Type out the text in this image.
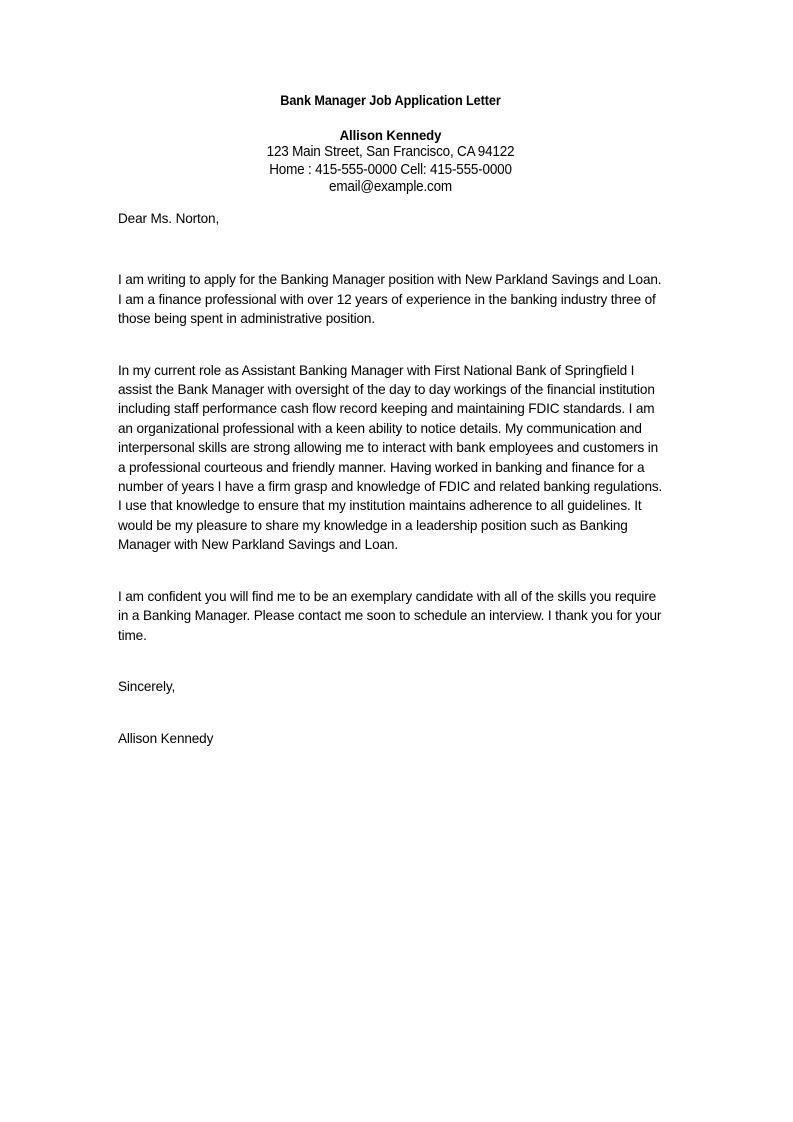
Bank Manager Job Application Letter
Allison Kennedy
123 Main Street, San Francisco, CA 94122
Home : 415-555-0000 Cell: 415-555-0000
email@example.com

Dear Ms. Norton,

I am writing to apply for the Banking Manager position with New Parkland Savings and Loan. I am a finance professional with over 12 years of experience in the banking industry three of those being spent in administrative position.

In my current role as Assistant Banking Manager with First National Bank of Springfield I assist the Bank Manager with oversight of the day to day workings of the financial institution including staff performance cash flow record keeping and maintaining FDIC standards. I am an organizational professional with a keen ability to notice details. My communication and interpersonal skills are strong allowing me to interact with bank employees and customers in a professional courteous and friendly manner. Having worked in banking and finance for a number of years I have a firm grasp and knowledge of FDIC and related banking regulations. I use that knowledge to ensure that my institution maintains adherence to all guidelines. It would be my pleasure to share my knowledge in a leadership position such as Banking Manager with New Parkland Savings and Loan.

I am confident you will find me to be an exemplary candidate with all of the skills you require in a Banking Manager. Please contact me soon to schedule an interview. I thank you for your time.

Sincerely,

Allison Kennedy
